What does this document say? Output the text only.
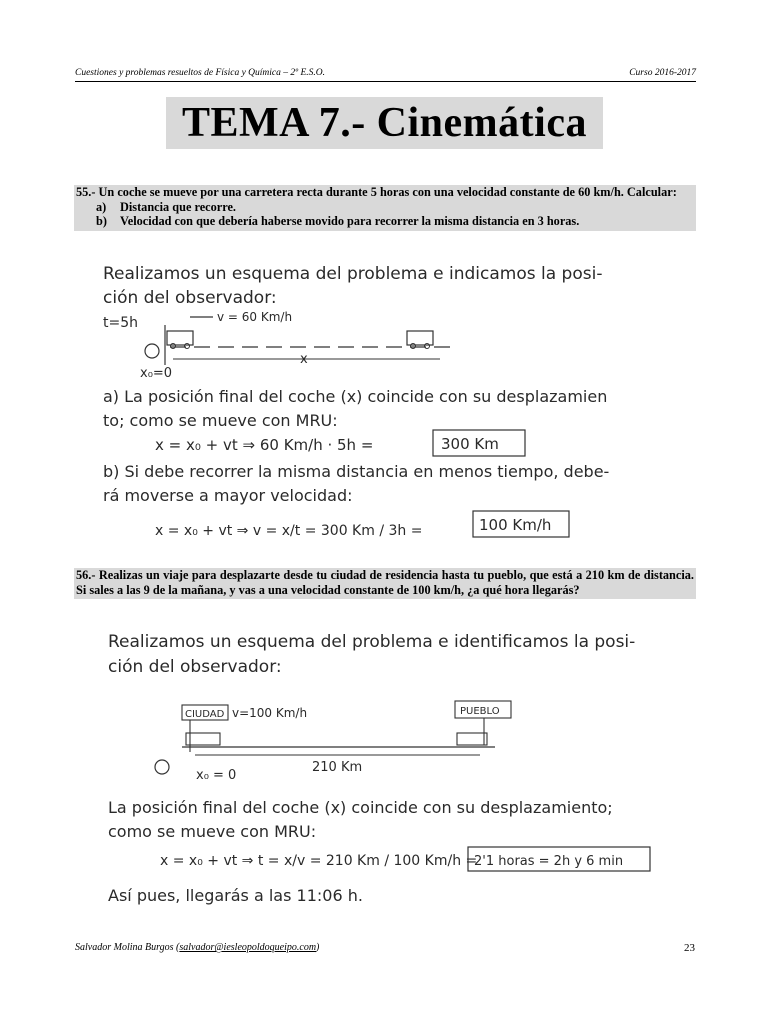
Cuestiones y problemas resueltos de Física y Química – 2º E.S.O.	Curso 2016-2017
TEMA 7.- Cinemática
55.- Un coche se mueve por una carretera recta durante 5 horas con una velocidad constante de 60 km/h. Calcular:
a)	Distancia que recorre.
b)	Velocidad con que debería haberse movido para recorrer la misma distancia en 3 horas.
Realizamos un esquema del problema e indicamos la posi-
ción del observador:
t=5h	v = 60 Km/h
x
x₀=0
a) La posición final del coche (x) coincide con su desplazamien
to; como se mueve con MRU:
x = x₀ + vt ⇒ 60 Km/h · 5h =	300 Km
b) Si debe recorrer la misma distancia en menos tiempo, debe-
rá moverse a mayor velocidad:
x = x₀ + vt ⇒ v = x/t = 300 Km / 3h =	100 Km/h
56.- Realizas un viaje para desplazarte desde tu ciudad de residencia hasta tu pueblo, que está a 210 km de distancia. Si sales a las 9 de la mañana, y vas a una velocidad constante de 100 km/h, ¿a qué hora llegarás?
Realizamos un esquema del problema e identificamos la posi-
ción del observador:
CIUDAD v=100 Km/h	PUEBLO
210 Km
x₀ = 0
La posición final del coche (x) coincide con su desplazamiento;
como se mueve con MRU:
x = x₀ + vt ⇒ t = x/v = 210 Km / 100 Km/h =
2'1 horas = 2h y 6 min
Así pues, llegarás a las 11:06 h.
Salvador Molina Burgos (salvador@iesleopoldoqueipo.com)	23
